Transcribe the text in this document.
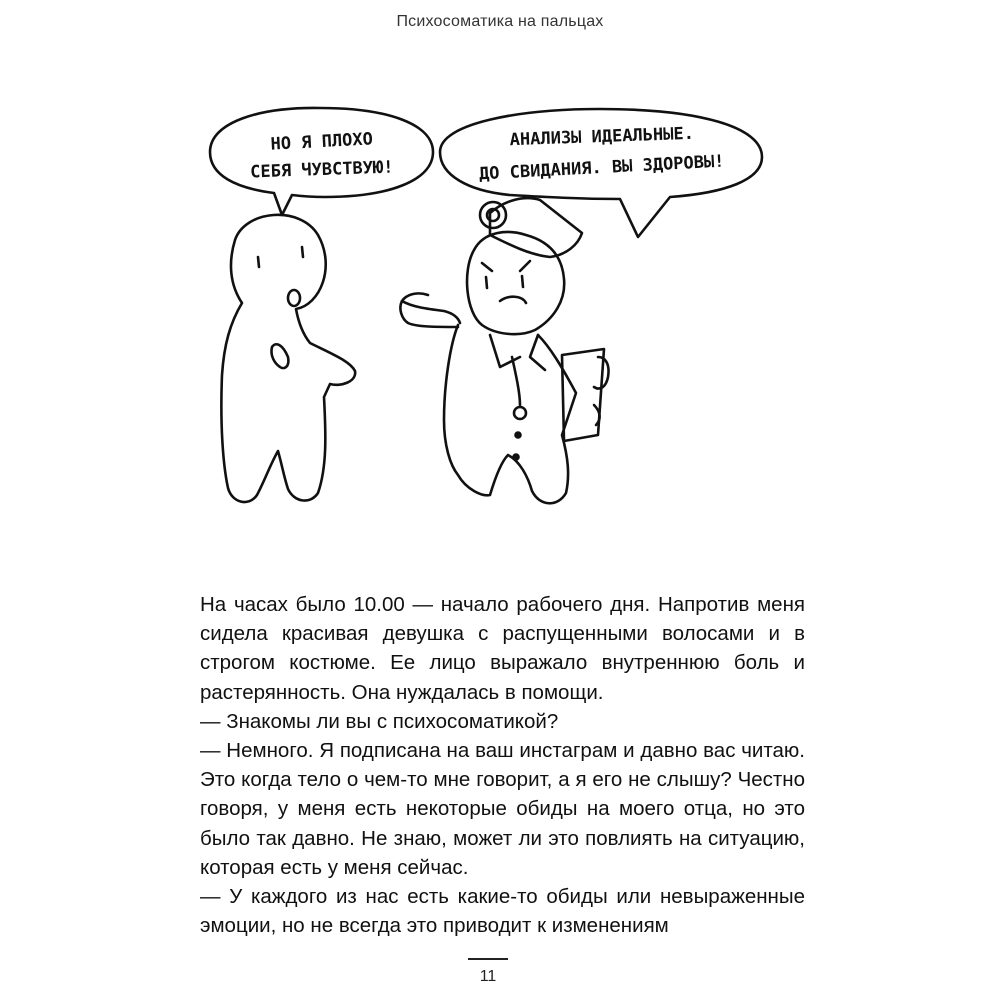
Психосоматика на пальцах
НО Я ПЛОХО
СЕБЯ ЧУВСТВУЮ!
АНАЛИЗЫ ИДЕАЛЬНЫЕ.
ДО СВИДАНИЯ. ВЫ ЗДОРОВЫ!

На часах было 10.00 — начало рабочего дня. Напротив меня сидела красивая девушка с распущенными волосами и в строгом костюме. Ее лицо выражало внутреннюю боль и растерянность. Она нуждалась в помощи.

— Знакомы ли вы с психосоматикой?

— Немного. Я подписана на ваш инстаграм и давно вас читаю. Это когда тело о чем-то мне говорит, а я его не слышу? Честно говоря, у меня есть некоторые обиды на моего отца, но это было так давно. Не знаю, может ли это повлиять на ситуацию, которая есть у меня сейчас.

— У каждого из нас есть какие-то обиды или невыраженные эмоции, но не всегда это приводит к изменениям

11
